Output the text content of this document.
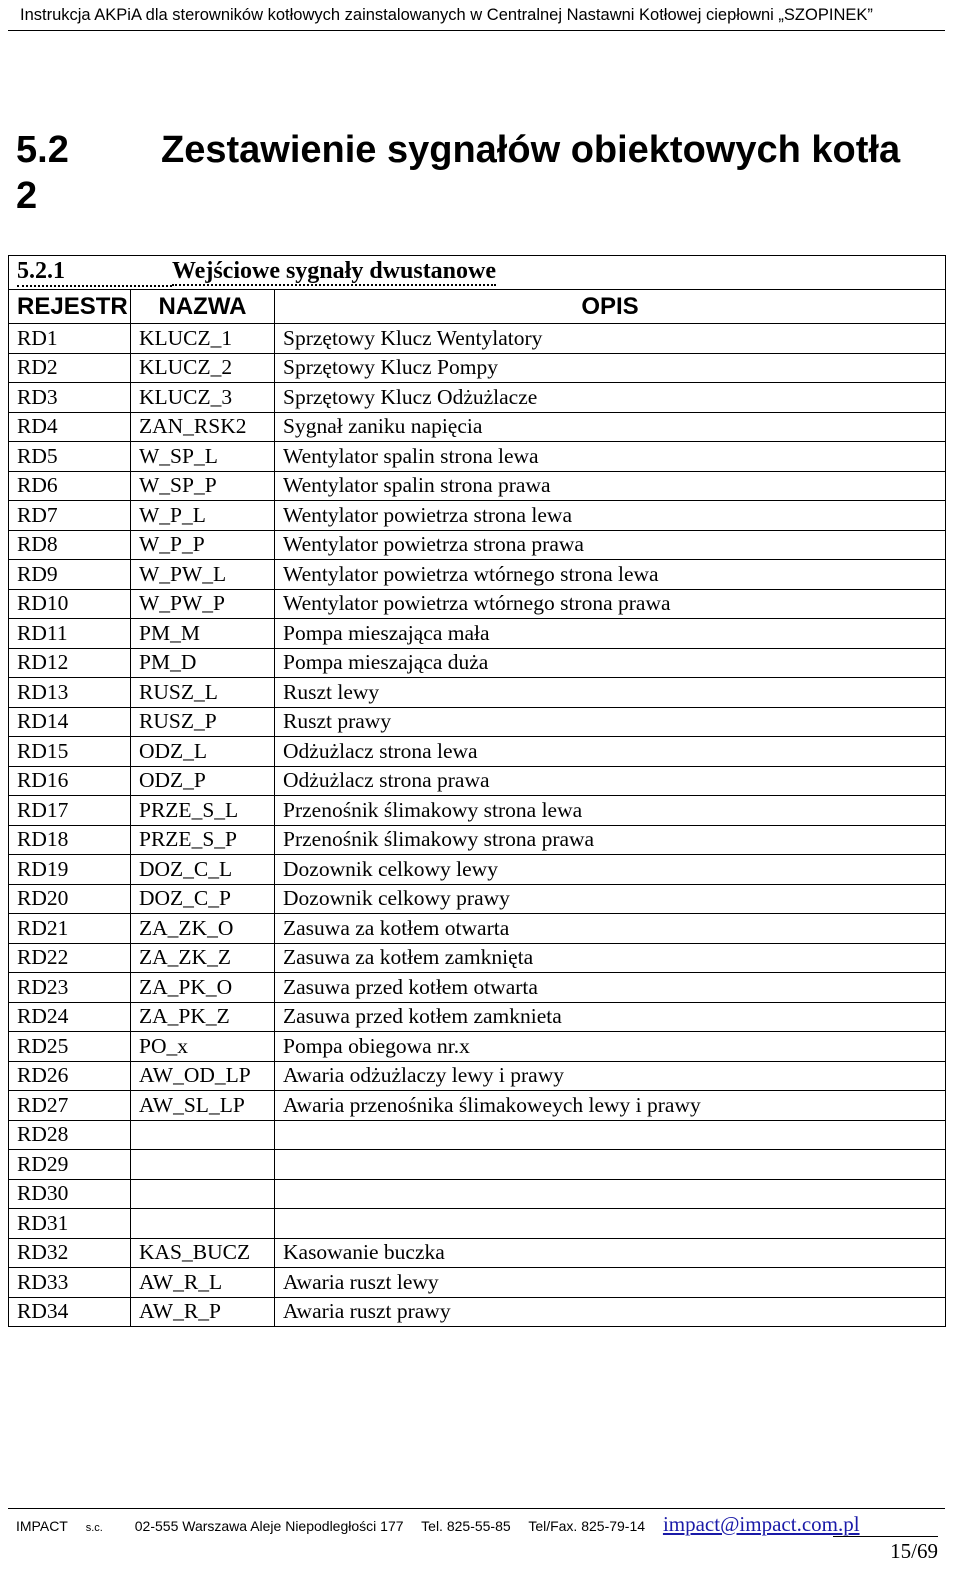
Instrukcja AKPiA dla sterowników kotłowych zainstalowanych w Centralnej Nastawni Kotłowej ciepłowni „SZOPINEK”
5.2 Zestawienie sygnałów obiektowych kotła 2
5.2.1 Wejściowe sygnały dwustanowe		
REJESTR	NAZWA	OPIS
RD1	KLUCZ_1	Sprzętowy Klucz Wentylatory
RD2	KLUCZ_2	Sprzętowy Klucz Pompy
RD3	KLUCZ_3	Sprzętowy Klucz Odżużlacze
RD4	ZAN_RSK2	Sygnał zaniku napięcia
RD5	W_SP_L	Wentylator spalin strona lewa
RD6	W_SP_P	Wentylator spalin strona prawa
RD7	W_P_L	Wentylator powietrza strona lewa
RD8	W_P_P	Wentylator powietrza strona prawa
RD9	W_PW_L	Wentylator powietrza wtórnego strona lewa
RD10	W_PW_P	Wentylator powietrza wtórnego strona prawa
RD11	PM_M	Pompa mieszająca mała
RD12	PM_D	Pompa mieszająca duża
RD13	RUSZ_L	Ruszt lewy
RD14	RUSZ_P	Ruszt prawy
RD15	ODZ_L	Odżużlacz strona lewa
RD16	ODZ_P	Odżużlacz strona prawa
RD17	PRZE_S_L	Przenośnik ślimakowy strona lewa
RD18	PRZE_S_P	Przenośnik ślimakowy strona prawa
RD19	DOZ_C_L	Dozownik celkowy lewy
RD20	DOZ_C_P	Dozownik celkowy prawy
RD21	ZA_ZK_O	Zasuwa za kotłem otwarta
RD22	ZA_ZK_Z	Zasuwa za kotłem zamknięta
RD23	ZA_PK_O	Zasuwa przed kotłem otwarta
RD24	ZA_PK_Z	Zasuwa przed kotłem zamknieta
RD25	PO_x	Pompa obiegowa nr.x
RD26	AW_OD_LP	Awaria odżużlaczy lewy i prawy
RD27	AW_SL_LP	Awaria przenośnika ślimakoweych lewy i prawy
RD28		
RD29		
RD30		
RD31		
RD32	KAS_BUCZ	Kasowanie buczka
RD33	AW_R_L	Awaria ruszt lewy
RD34	AW_R_P	Awaria ruszt prawy
IMPACT s.c. 02-555 Warszawa Aleje Niepodległości 177 Tel. 825-55-85 Tel/Fax. 825-79-14 impact@impact.com.pl
15/69
